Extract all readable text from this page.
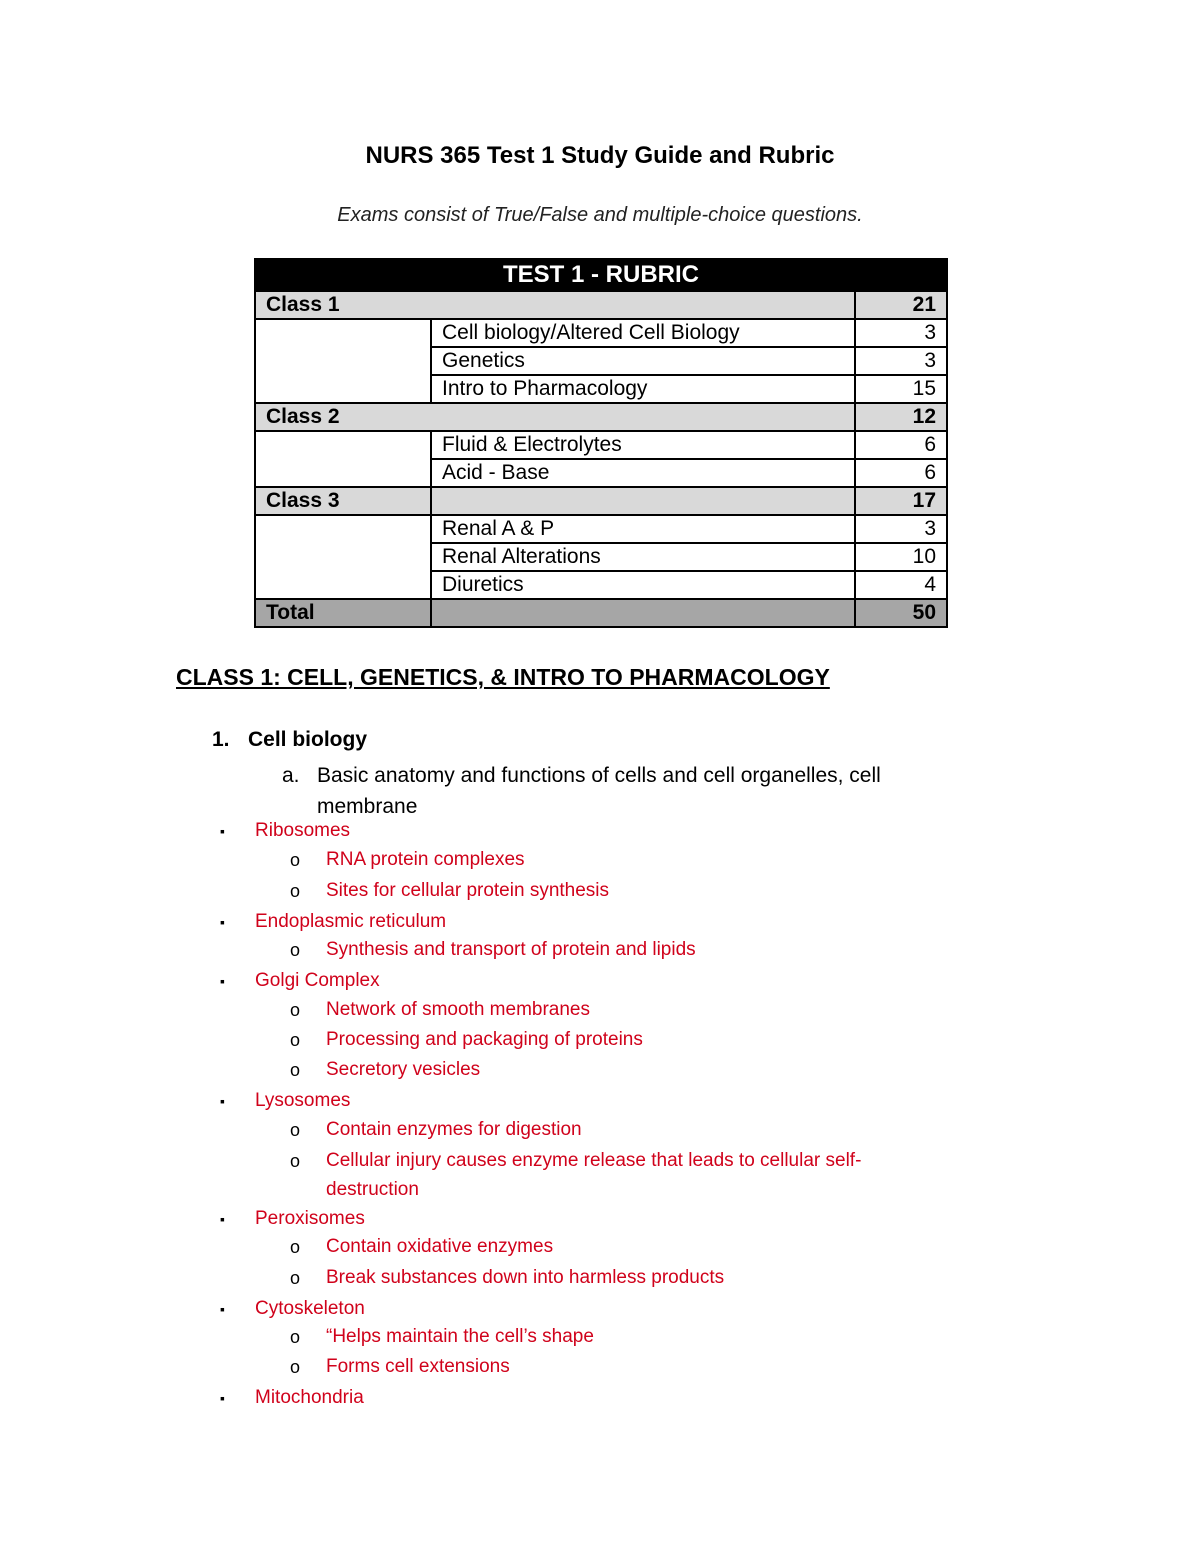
NURS 365 Test 1 Study Guide and Rubric
Exams consist of True/False and multiple-choice questions.
TEST 1 - RUBRIC		
Class 1		21
	Cell biology/Altered Cell Biology	3
	Genetics	3
	Intro to Pharmacology	15
Class 2		12
	Fluid & Electrolytes	6
	Acid - Base	6
Class 3		17
	Renal A & P	3
	Renal Alterations	10
	Diuretics	4
Total		50
CLASS 1: CELL, GENETICS, & INTRO TO PHARMACOLOGY
1. Cell biology
a. Basic anatomy and functions of cells and cell organelles, cell membrane
▪ Ribosomes
o RNA protein complexes
o Sites for cellular protein synthesis
▪ Endoplasmic reticulum
o Synthesis and transport of protein and lipids
▪ Golgi Complex
o Network of smooth membranes
o Processing and packaging of proteins
o Secretory vesicles
▪ Lysosomes
o Contain enzymes for digestion
o Cellular injury causes enzyme release that leads to cellular self-
destruction
▪ Peroxisomes
o Contain oxidative enzymes
o Break substances down into harmless products
▪ Cytoskeleton
o “Helps maintain the cell’s shape
o Forms cell extensions
▪ Mitochondria
